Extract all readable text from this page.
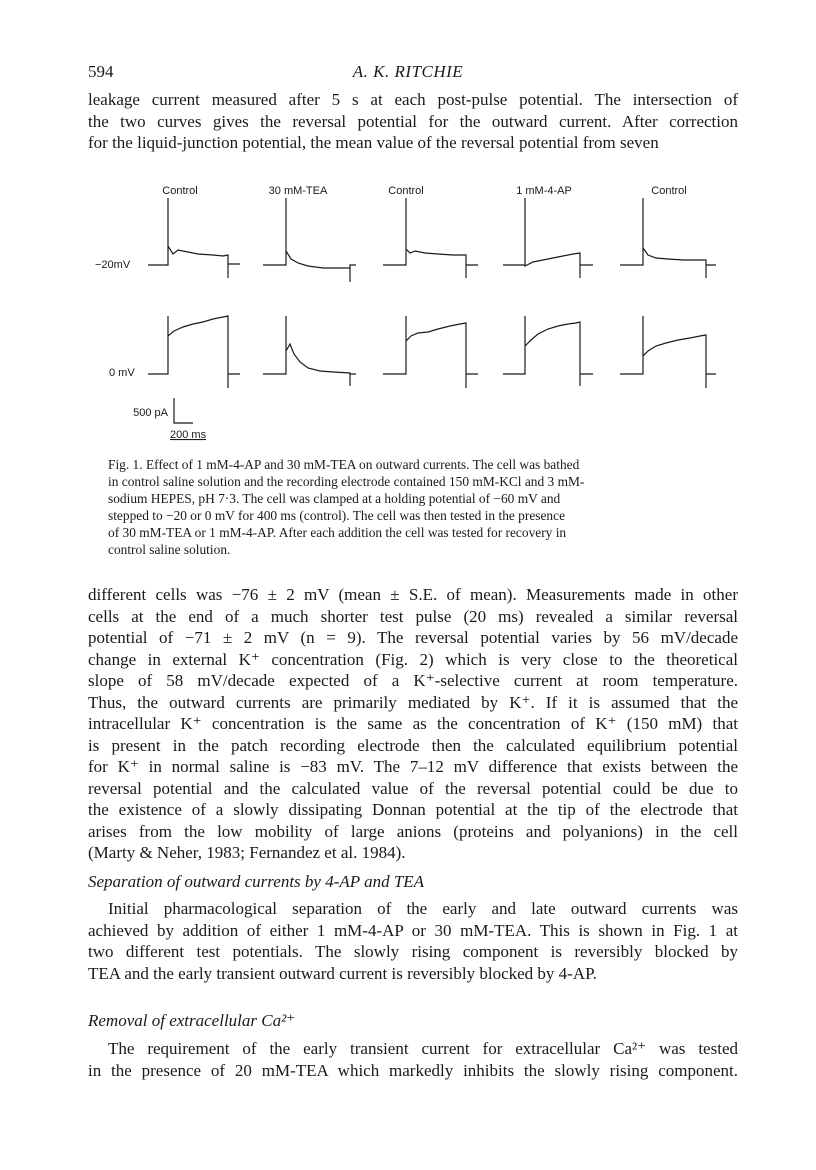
594	A. K. RITCHIE
leakage current measured after 5 s at each post-pulse potential. The intersection of
the two curves gives the reversal potential for the outward current. After correction
for the liquid-junction potential, the mean value of the reversal potential from seven
Control	30 mM-TEA	Control	1 mM-4-AP	Control
−20mV
0 mV
500 pA
200 ms
Fig. 1. Effect of 1 mM-4-AP and 30 mM-TEA on outward currents. The cell was bathed
in control saline solution and the recording electrode contained 150 mM-KCl and 3 mM-
sodium HEPES, pH 7·3. The cell was clamped at a holding potential of −60 mV and
stepped to −20 or 0 mV for 400 ms (control). The cell was then tested in the presence
of 30 mM-TEA or 1 mM-4-AP. After each addition the cell was tested for recovery in
control saline solution.
different cells was −76 ± 2 mV (mean ± S.E. of mean). Measurements made in other
cells at the end of a much shorter test pulse (20 ms) revealed a similar reversal
potential of −71 ± 2 mV (n = 9). The reversal potential varies by 56 mV/decade
change in external K⁺ concentration (Fig. 2) which is very close to the theoretical
slope of 58 mV/decade expected of a K⁺-selective current at room temperature.
Thus, the outward currents are primarily mediated by K⁺. If it is assumed that the
intracellular K⁺ concentration is the same as the concentration of K⁺ (150 mM) that
is present in the patch recording electrode then the calculated equilibrium potential
for K⁺ in normal saline is −83 mV. The 7–12 mV difference that exists between the
reversal potential and the calculated value of the reversal potential could be due to
the existence of a slowly dissipating Donnan potential at the tip of the electrode that
arises from the low mobility of large anions (proteins and polyanions) in the cell
(Marty & Neher, 1983; Fernandez et al. 1984).

Separation of outward currents by 4-AP and TEA

Initial pharmacological separation of the early and late outward currents was
achieved by addition of either 1 mM-4-AP or 30 mM-TEA. This is shown in Fig. 1 at
two different test potentials. The slowly rising component is reversibly blocked by
TEA and the early transient outward current is reversibly blocked by 4-AP.

Removal of extracellular Ca²⁺

The requirement of the early transient current for extracellular Ca²⁺ was tested
in the presence of 20 mM-TEA which markedly inhibits the slowly rising component.
